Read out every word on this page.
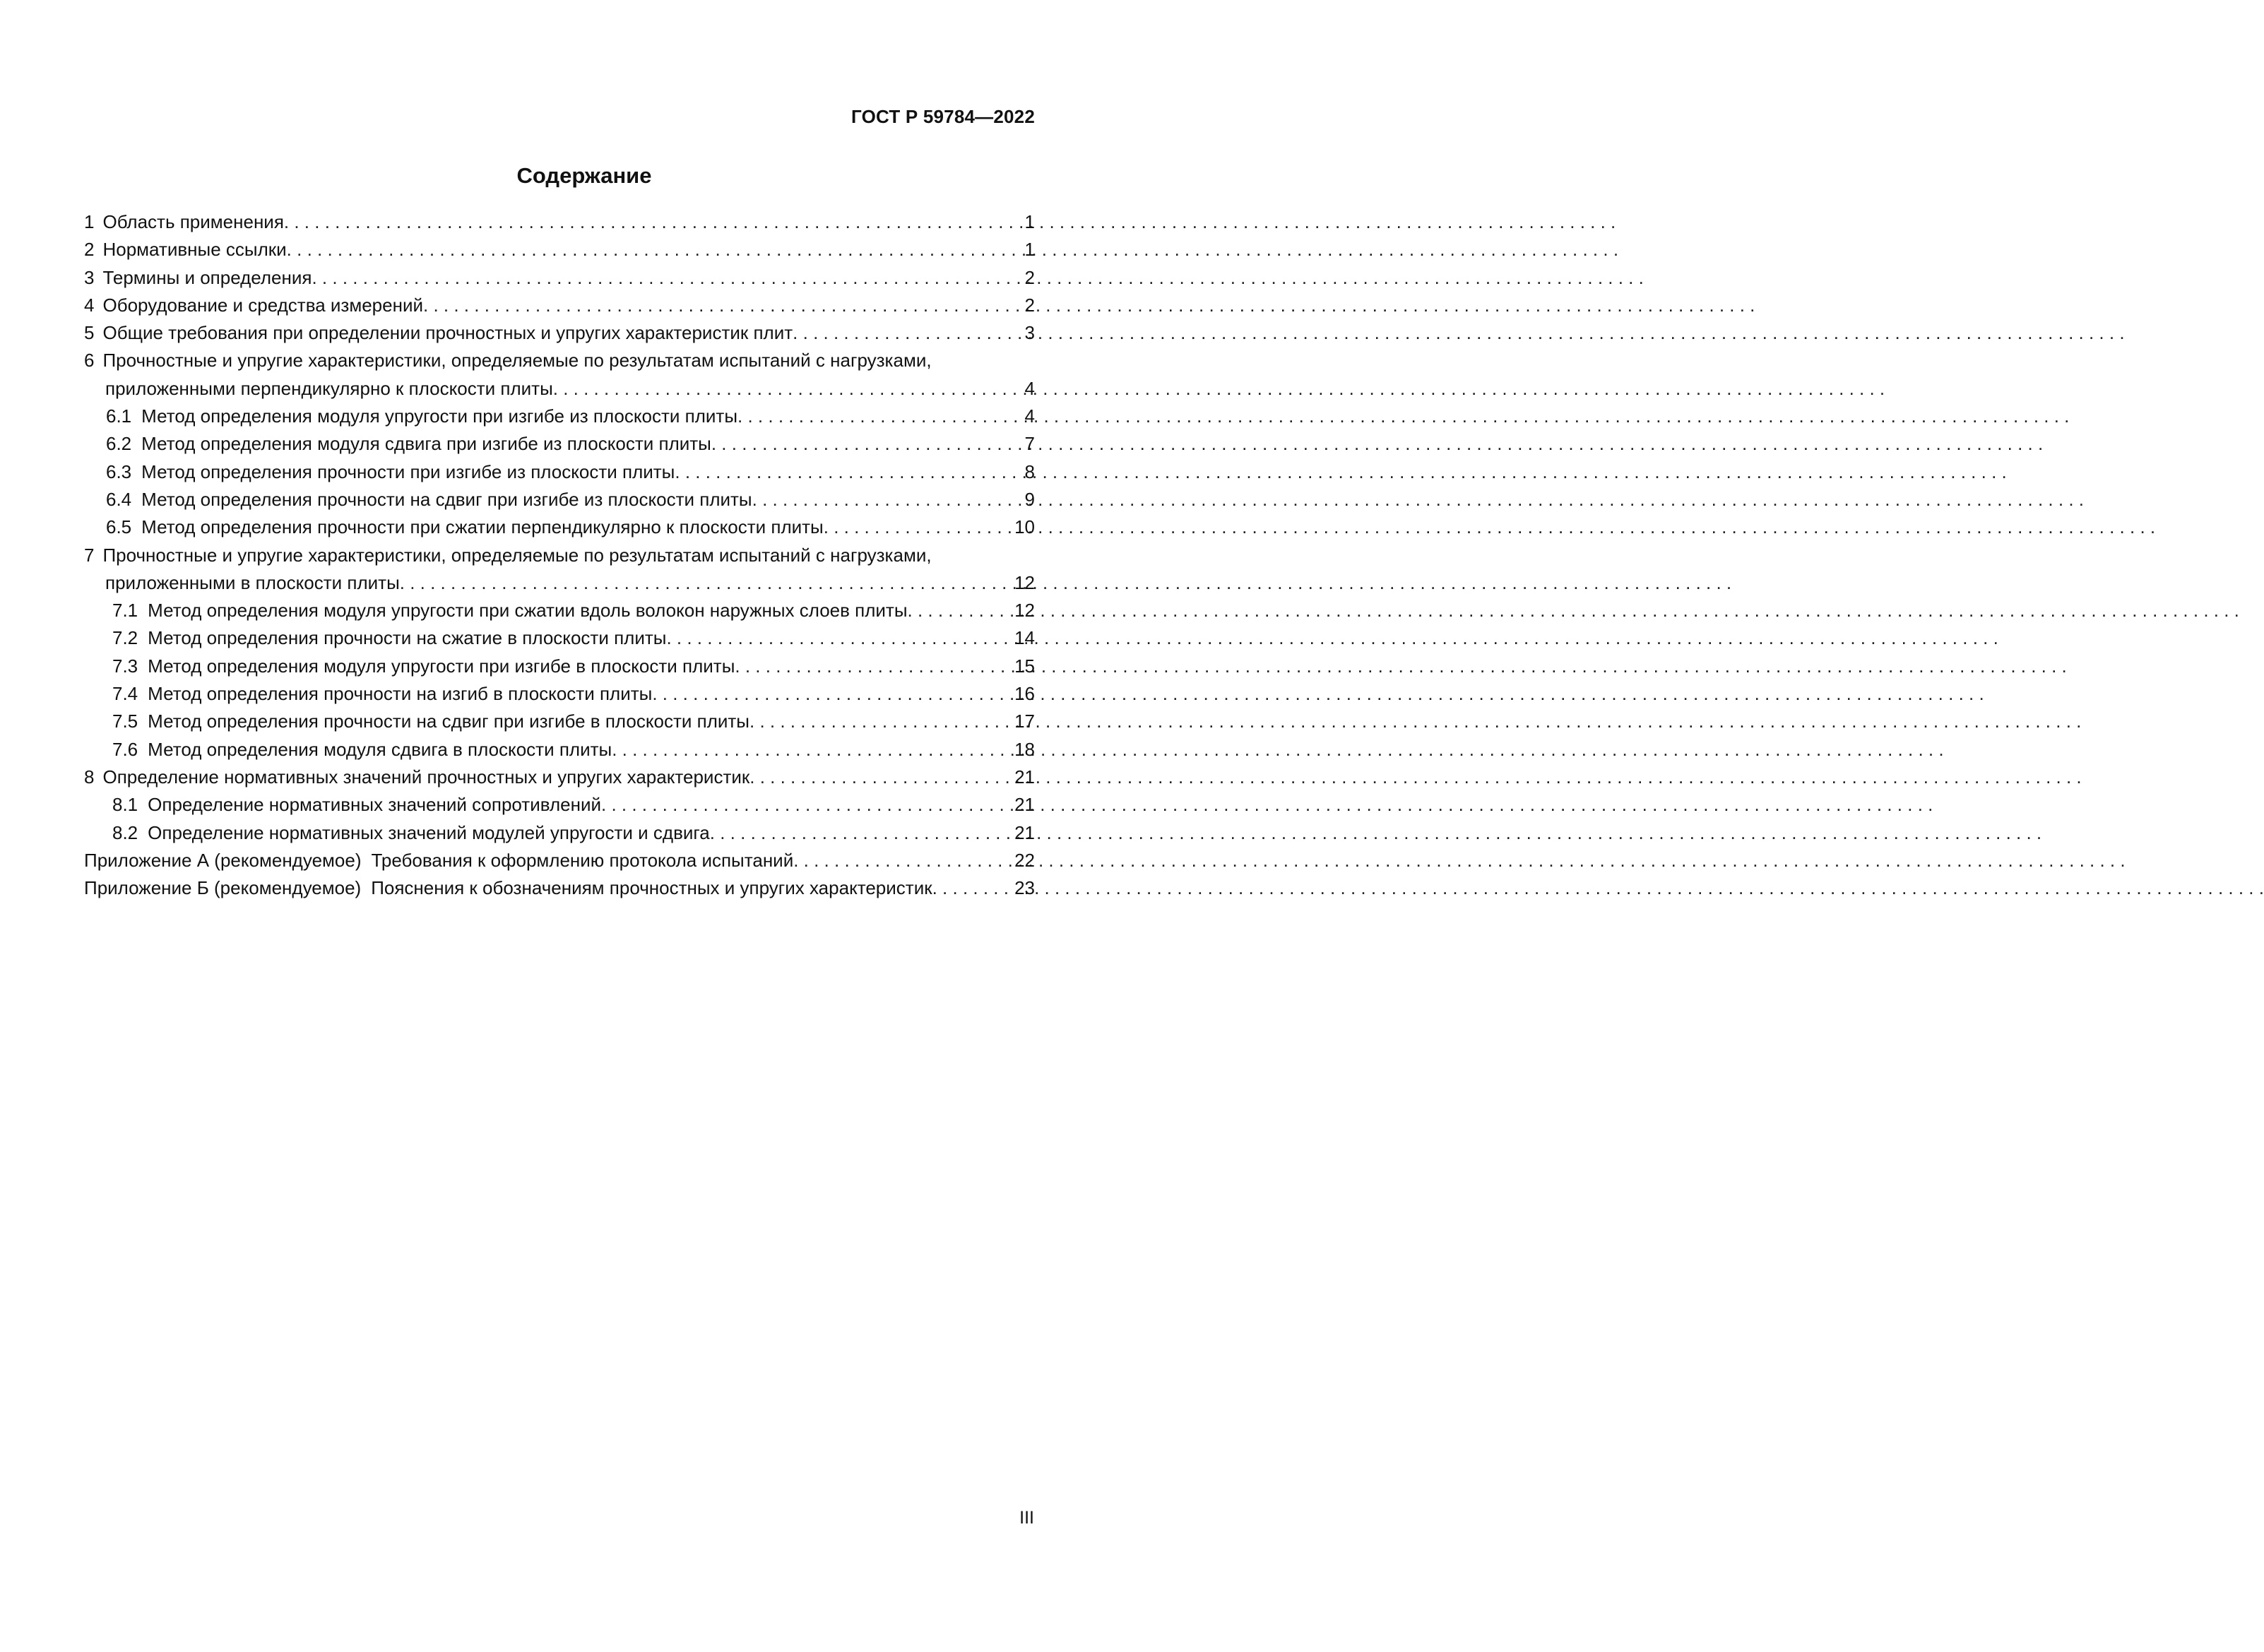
ГОСТ Р 59784—2022
Содержание
1 Область применения . . .	1
2 Нормативные ссылки . . .	1
3 Термины и определения . . .	2
4 Оборудование и средства измерений . . .	2
5 Общие требования при определении прочностных и упругих характеристик плит . . .	3
6 Прочностные и упругие характеристики, определяемые по результатам испытаний с нагрузками,
приложенными перпендикулярно к плоскости плиты . . .	4
6.1 Метод определения модуля упругости при изгибе из плоскости плиты . . .	4
6.2 Метод определения модуля сдвига при изгибе из плоскости плиты . . .	7
6.3 Метод определения прочности при изгибе из плоскости плиты . . .	8
6.4 Метод определения прочности на сдвиг при изгибе из плоскости плиты . . .	9
6.5 Метод определения прочности при сжатии перпендикулярно к плоскости плиты . . .	10
7 Прочностные и упругие характеристики, определяемые по результатам испытаний с нагрузками,
приложенными в плоскости плиты . . .	12
7.1 Метод определения модуля упругости при сжатии вдоль волокон наружных слоев плиты . . .	12
7.2 Метод определения прочности на сжатие в плоскости плиты . . .	14
7.3 Метод определения модуля упругости при изгибе в плоскости плиты . . .	15
7.4 Метод определения прочности на изгиб в плоскости плиты . . .	16
7.5 Метод определения прочности на сдвиг при изгибе в плоскости плиты . . .	17
7.6 Метод определения модуля сдвига в плоскости плиты . . .	18
8 Определение нормативных значений прочностных и упругих характеристик . . .	21
8.1 Определение нормативных значений сопротивлений . . .	21
8.2 Определение нормативных значений модулей упругости и сдвига . . .	21
Приложение А (рекомендуемое) Требования к оформлению протокола испытаний . . .	22
Приложение Б (рекомендуемое) Пояснения к обозначениям прочностных и упругих характеристик . . .	23
III
